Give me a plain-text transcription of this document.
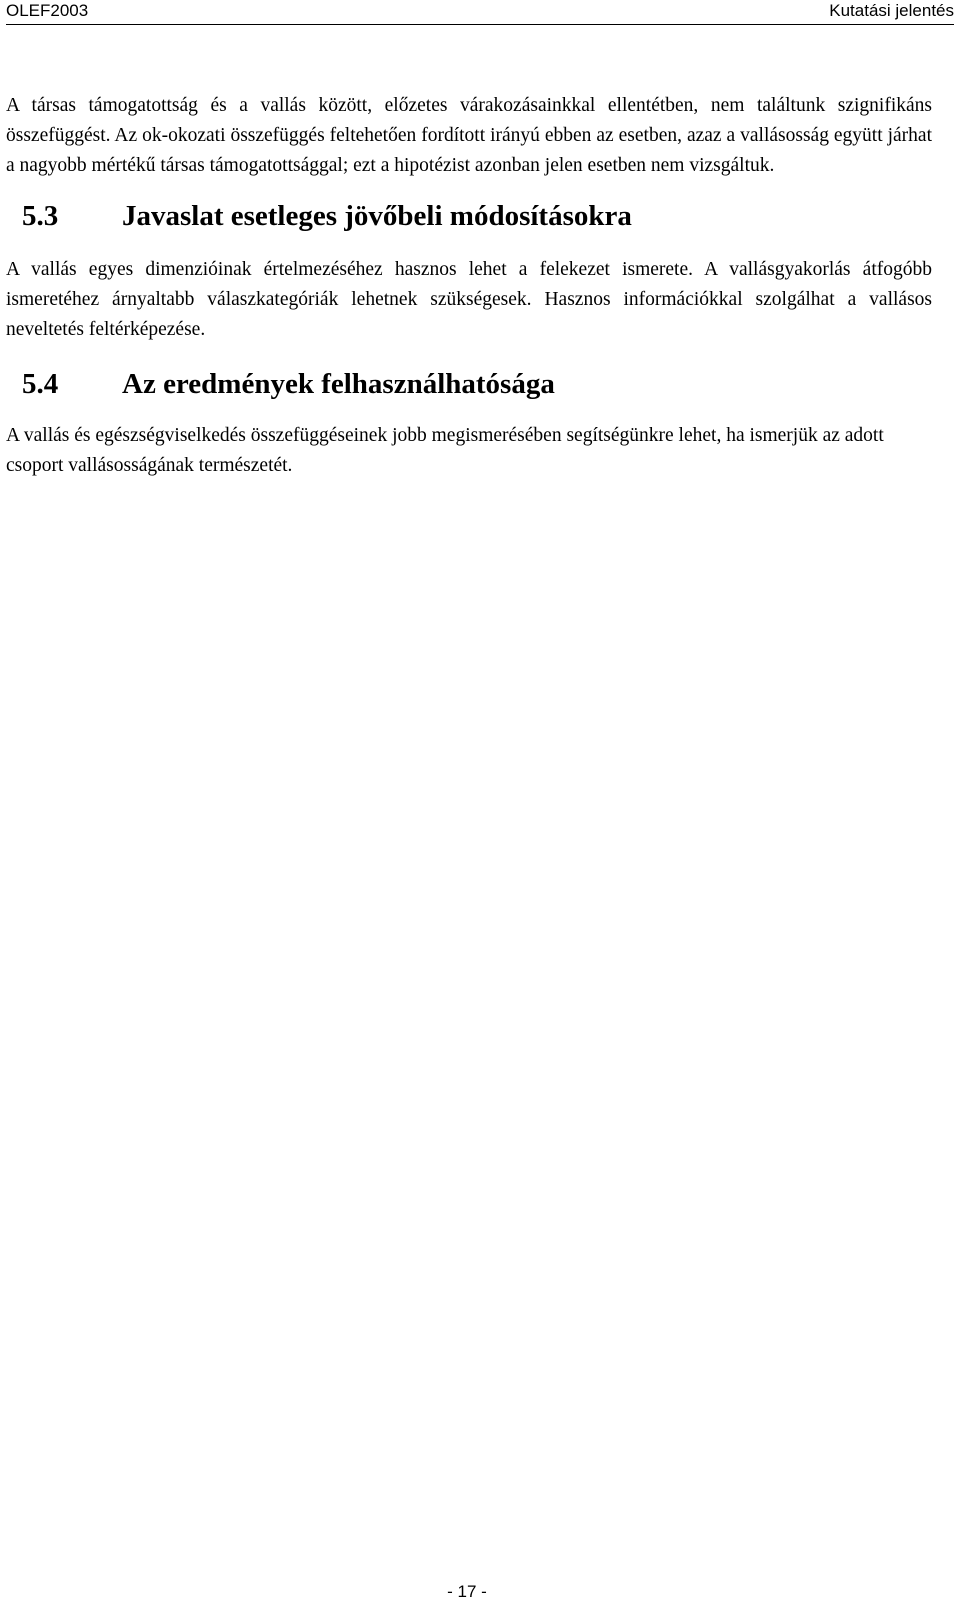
OLEF2003	Kutatási jelentés

A társas támogatottság és a vallás között, előzetes várakozásainkkal ellentétben, nem találtunk szignifikáns összefüggést. Az ok-okozati összefüggés feltehetően fordított irányú ebben az esetben, azaz a vallásosság együtt járhat a nagyobb mértékű társas támogatottsággal; ezt a hipotézist azonban jelen esetben nem vizsgáltuk.

5.3	Javaslat esetleges jövőbeli módosításokra

A vallás egyes dimenzióinak értelmezéséhez hasznos lehet a felekezet ismerete. A vallásgyakorlás átfogóbb ismeretéhez árnyaltabb válaszkategóriák lehetnek szükségesek. Hasznos információkkal szolgálhat a vallásos neveltetés feltérképezése.

5.4	Az eredmények felhasználhatósága

A vallás és egészségviselkedés összefüggéseinek jobb megismerésében segítségünkre lehet, ha ismerjük az adott csoport vallásosságának természetét.

- 17 -
